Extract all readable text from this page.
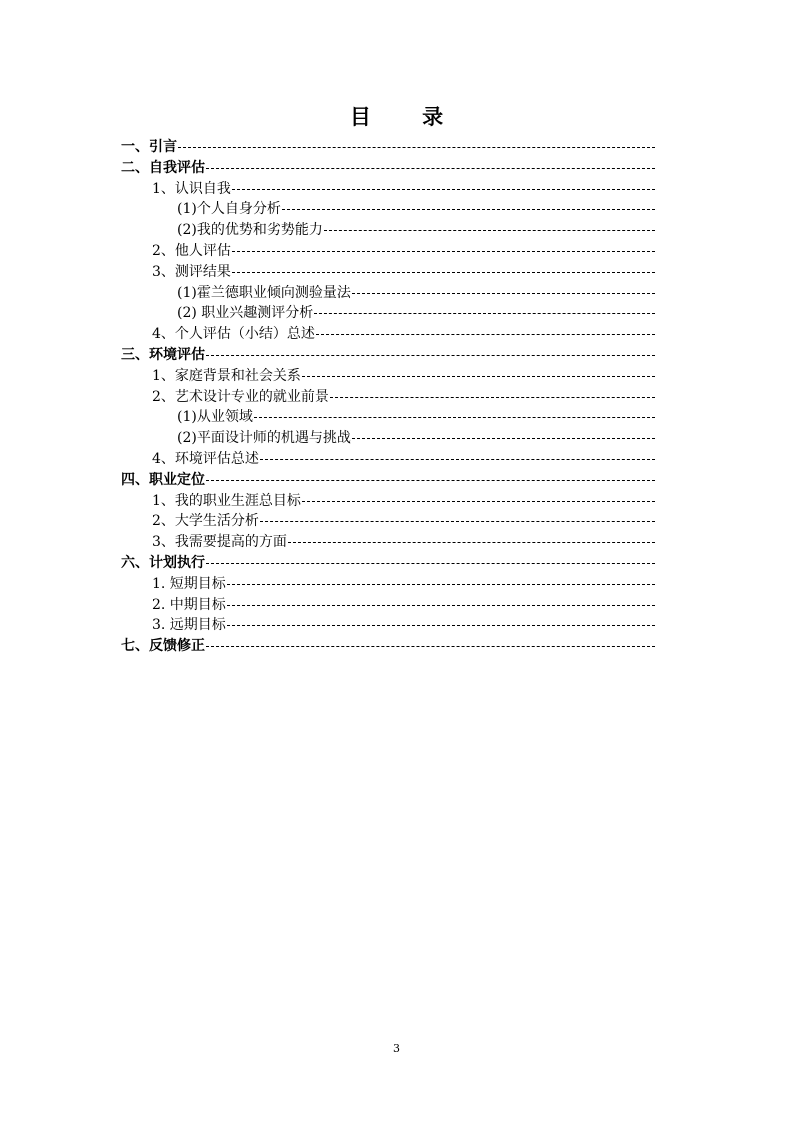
目 录
一、引言
二、自我评估
1、认识自我
(1)个人自身分析
(2)我的优势和劣势能力
2、他人评估
3、测评结果
(1)霍兰德职业倾向测验量法
(2) 职业兴趣测评分析
4、个人评估（小结）总述
三、环境评估
1、家庭背景和社会关系
2、艺术设计专业的就业前景
(1)从业领域
(2)平面设计师的机遇与挑战
4、环境评估总述
四、职业定位
1、我的职业生涯总目标
2、大学生活分析
3、我需要提高的方面
六、计划执行
1. 短期目标
2. 中期目标
3. 远期目标
七、反馈修正
3
